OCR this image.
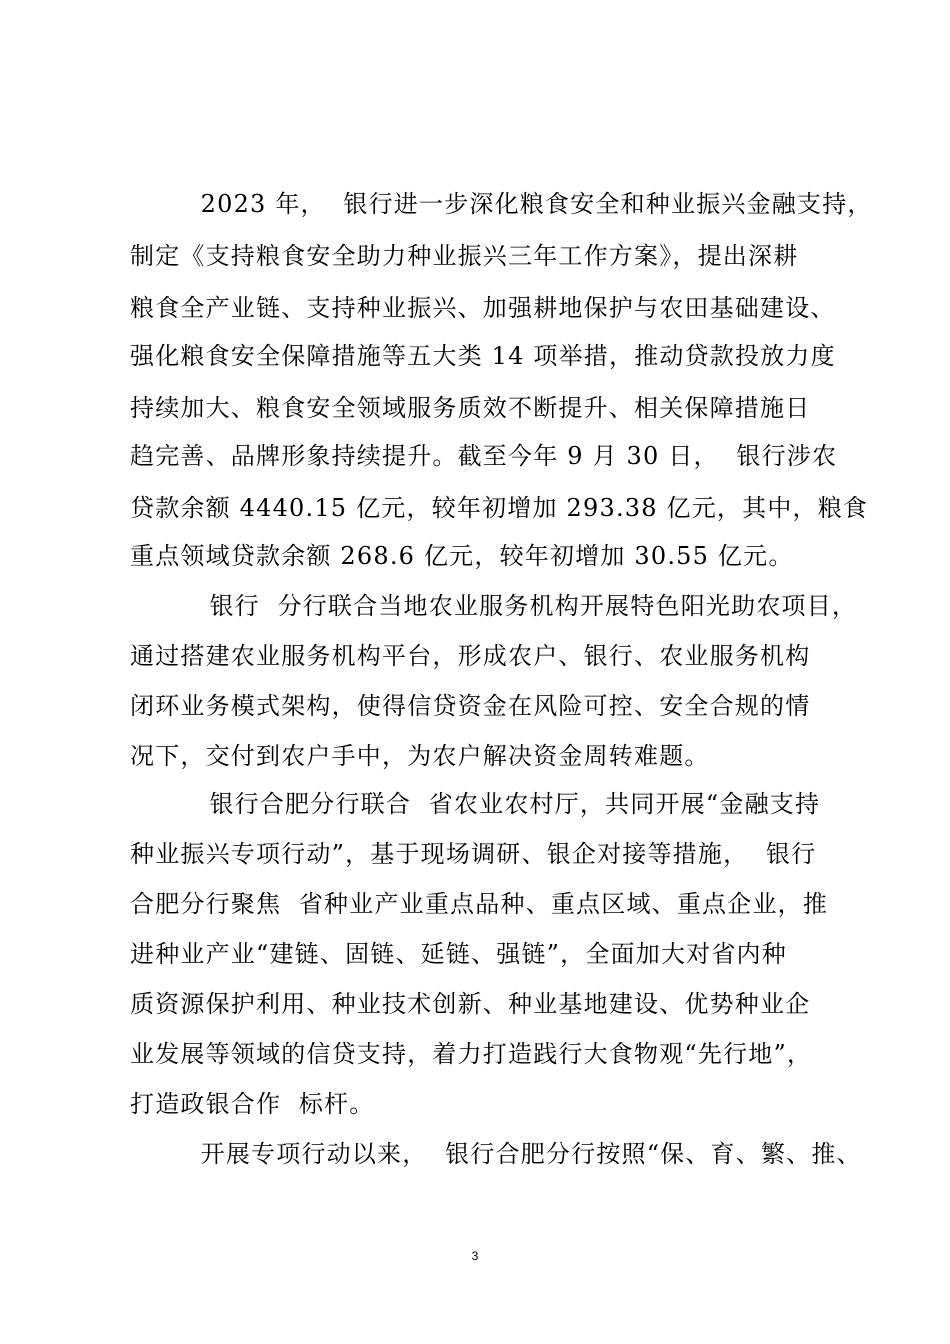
2023 年，  银行进一步深化粮食安全和种业振兴金融支持，
制定《支持粮食安全助力种业振兴三年工作方案》，提出深耕
粮食全产业链、支持种业振兴、加强耕地保护与农田基础建设、
强化粮食安全保障措施等五大类 14 项举措，推动贷款投放力度
持续加大、粮食安全领域服务质效不断提升、相关保障措施日
趋完善、品牌形象持续提升。截至今年 9 月 30 日，  银行涉农
贷款余额 4440.15 亿元，较年初增加 293.38 亿元，其中，粮食
重点领域贷款余额 268.6 亿元，较年初增加 30.55 亿元。
银行  分行联合当地农业服务机构开展特色阳光助农项目，
通过搭建农业服务机构平台，形成农户、银行、农业服务机构
闭环业务模式架构，使得信贷资金在风险可控、安全合规的情
况下，交付到农户手中，为农户解决资金周转难题。
银行合肥分行联合  省农业农村厅，共同开展“金融支持
种业振兴专项行动”，基于现场调研、银企对接等措施，  银行
合肥分行聚焦  省种业产业重点品种、重点区域、重点企业，推
进种业产业“建链、固链、延链、强链”，全面加大对省内种
质资源保护利用、种业技术创新、种业基地建设、优势种业企
业发展等领域的信贷支持，着力打造践行大食物观“先行地”，
打造政银合作  标杆。
开展专项行动以来，  银行合肥分行按照“保、育、繁、推、
3
